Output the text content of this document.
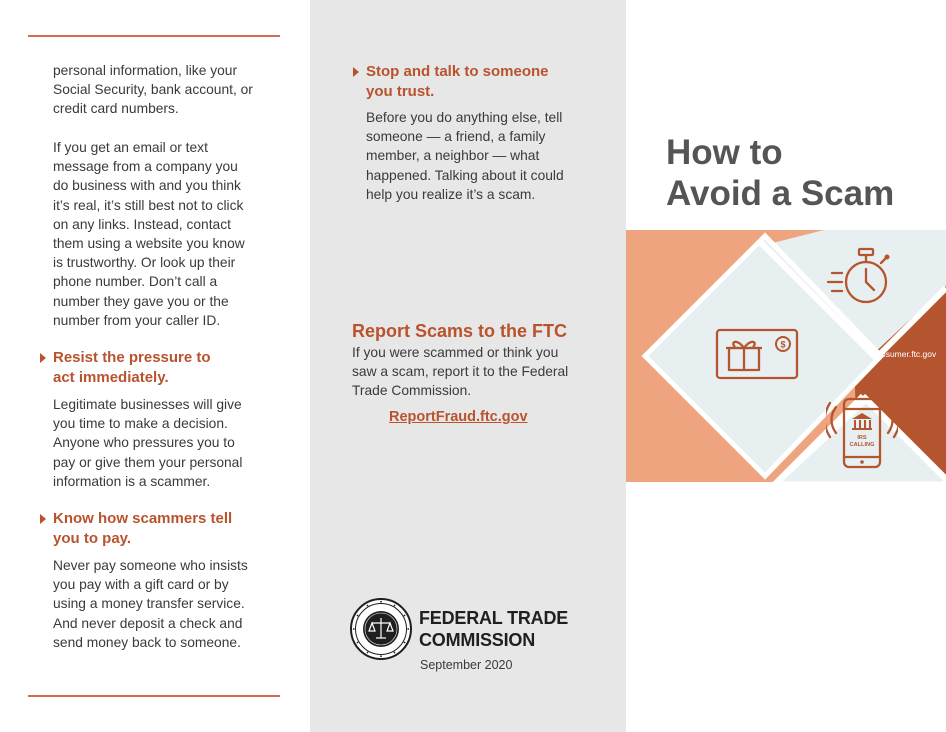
personal information, like your
Social Security, bank account, or
credit card numbers.
If you get an email or text
message from a company you
do business with and you think
it’s real, it’s still best not to click
on any links. Instead, contact
them using a website you know
is trustworthy. Or look up their
phone number. Don’t call a
number they gave you or the
number from your caller ID.
Resist the pressure to
act immediately.
Legitimate businesses will give
you time to make a decision.
Anyone who pressures you to
pay or give them your personal
information is a scammer.
Know how scammers tell
you to pay.
Never pay someone who insists
you pay with a gift card or by
using a money transfer service.
And never deposit a check and
send money back to someone.
Stop and talk to someone
you trust.
Before you do anything else, tell
someone — a friend, a family
member, a neighbor — what
happened. Talking about it could
help you realize it’s a scam.
Report Scams to the FTC
If you were scammed or think you
saw a scam, report it to the Federal
Trade Commission.
ReportFraud.ftc.gov
FEDERAL TRADE
COMMISSION
September 2020
How to
Avoid a Scam
$
consumer.ftc.gov
IRS
CALLING
